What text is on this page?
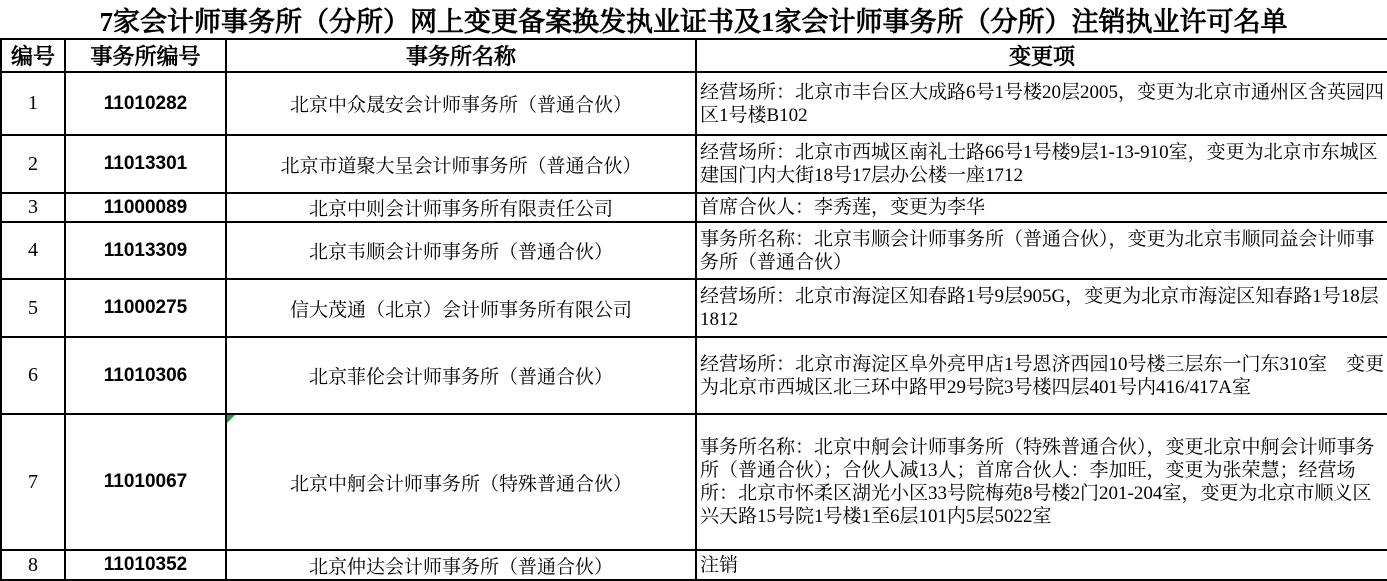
7家会计师事务所（分所）网上变更备案换发执业证书及1家会计师事务所（分所）注销执业许可名单
编号	事务所编号	事务所名称	变更项
1	11010282	北京中众晟安会计师事务所（普通合伙）	经营场所：北京市丰台区大成路6号1号楼20层2005，变更为北京市通州区含英园四区1号楼B102
2	11013301	北京市道聚大呈会计师事务所（普通合伙）	经营场所：北京市西城区南礼士路66号1号楼9层1-13-910室，变更为北京市东城区建国门内大街18号17层办公楼一座1712
3	11000089	北京中则会计师事务所有限责任公司	首席合伙人：李秀莲，变更为李华
4	11013309	北京韦顺会计师事务所（普通合伙）	事务所名称：北京韦顺会计师事务所（普通合伙），变更为北京韦顺同益会计师事务所（普通合伙）
5	11000275	信大茂通（北京）会计师事务所有限公司	经营场所：北京市海淀区知春路1号9层905G，变更为北京市海淀区知春路1号18层1812
6	11010306	北京菲伦会计师事务所（普通合伙）	经营场所：北京市海淀区阜外亮甲店1号恩济西园10号楼三层东一门东310室　变更为北京市西城区北三环中路甲29号院3号楼四层401号内416/417A室
7	11010067	北京中舸会计师事务所（特殊普通合伙）	事务所名称：北京中舸会计师事务所（特殊普通合伙），变更北京中舸会计师事务所（普通合伙）；合伙人减13人；首席合伙人：李加旺，变更为张荣慧；经营场所：北京市怀柔区湖光小区33号院梅苑8号楼2门201-204室，变更为北京市顺义区兴天路15号院1号楼1至6层101内5层5022室
8	11010352	北京仲达会计师事务所（普通合伙）	注销
